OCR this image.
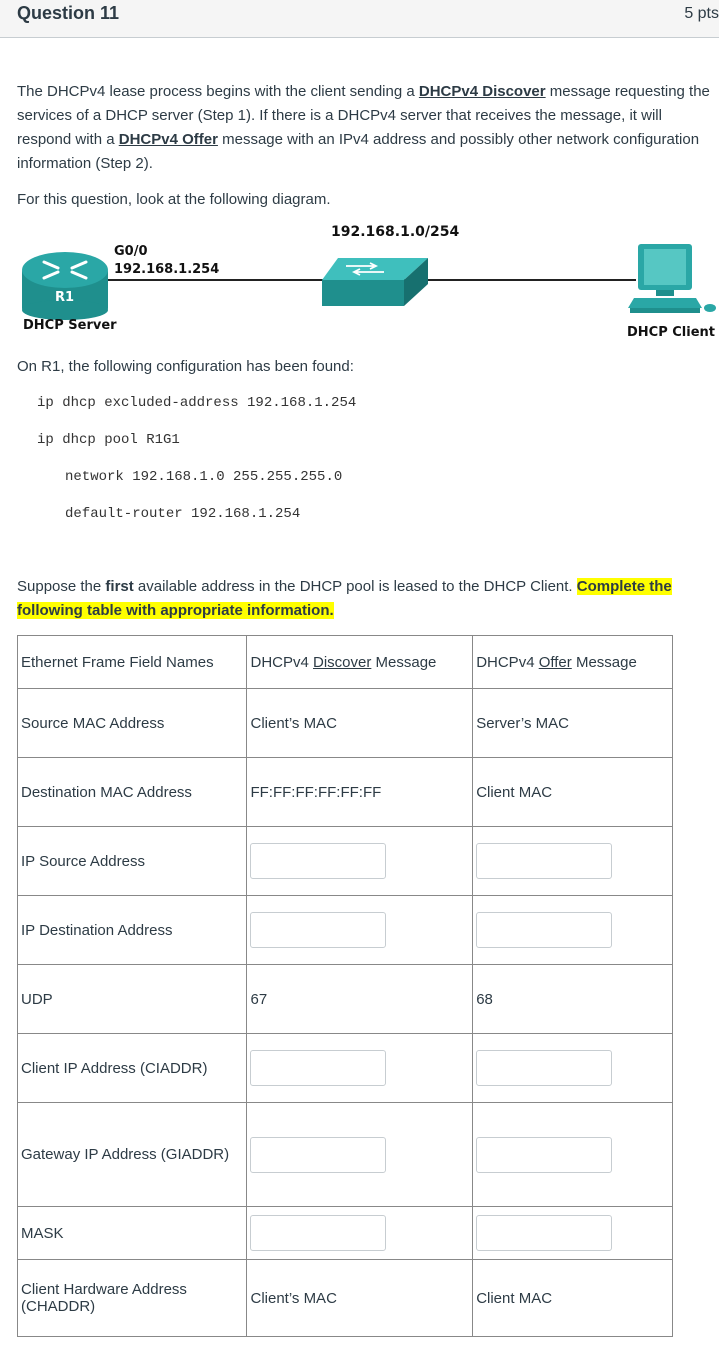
Question 11	5 pts

The DHCPv4 lease process begins with the client sending a DHCPv4 Discover message requesting the services of a DHCP server (Step 1). If there is a DHCPv4 server that receives the message, it will respond with a DHCPv4 Offer message with an IPv4 address and possibly other network configuration information (Step 2).

For this question, look at the following diagram.

G0/0
192.168.1.254
R1
DHCP Server
192.168.1.0/254
DHCP Client

On R1, the following configuration has been found:

ip dhcp excluded-address 192.168.1.254
ip dhcp pool R1G1
network 192.168.1.0 255.255.255.0
default-router 192.168.1.254

Suppose the first available address in the DHCP pool is leased to the DHCP Client. Complete the following table with appropriate information.

Ethernet Frame Field Names	DHCPv4 Discover Message	DHCPv4 Offer Message
Source MAC Address	Client’s MAC	Server’s MAC
Destination MAC Address	FF:FF:FF:FF:FF:FF	Client MAC
IP Source Address	

IP Destination Address	

UDP	67	68
Client IP Address (CIADDR)	

Gateway IP Address (GIADDR)	

MASK	

Client Hardware Address (CHADDR)	Client’s MAC	Client MAC
